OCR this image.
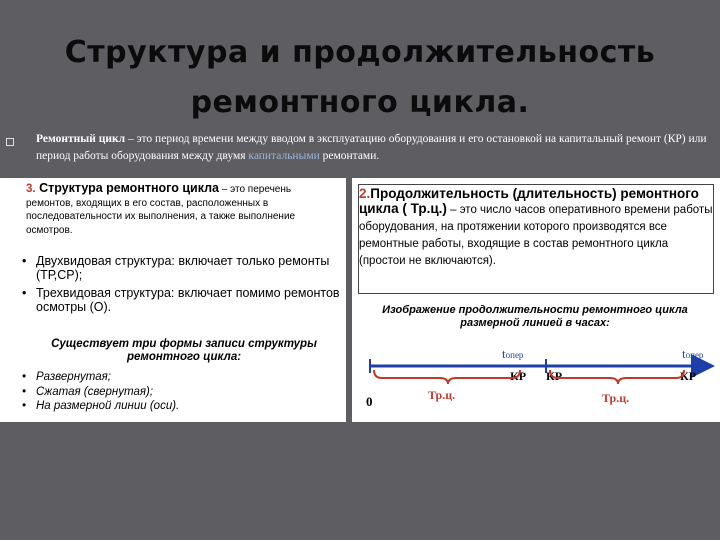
Структура и продолжительность
ремонтного цикла.
Ремонтный цикл – это период времени между вводом в эксплуатацию оборудования и его остановкой на капитальный ремонт (КР) или период работы оборудования между двумя капитальными ремонтами.
3. Структура ремонтного цикла – это перечень ремонтов, входящих в его состав, расположенных в последовательности их выполнения, а также выполнение осмотров.
• Двухвидовая структура: включает только ремонты (ТР,СР);
• Трехвидовая структура: включает помимо ремонтов осмотры (О).
Существует три формы записи структуры ремонтного цикла:
• Развернутая;
• Сжатая (свернутая);
• На размерной линии (оси).
2.Продолжительность (длительность) ремонтного цикла ( Тр.ц.) – это число часов оперативного времени работы оборудования, на протяжении которого производятся все ремонтные работы, входящие в состав ремонтного цикла (простои не включаются).
Изображение продолжительности ремонтного цикла размерной линией в часах:
tопер	tопер
КР КР	КР
Тр.ц.	Тр.ц.
0
